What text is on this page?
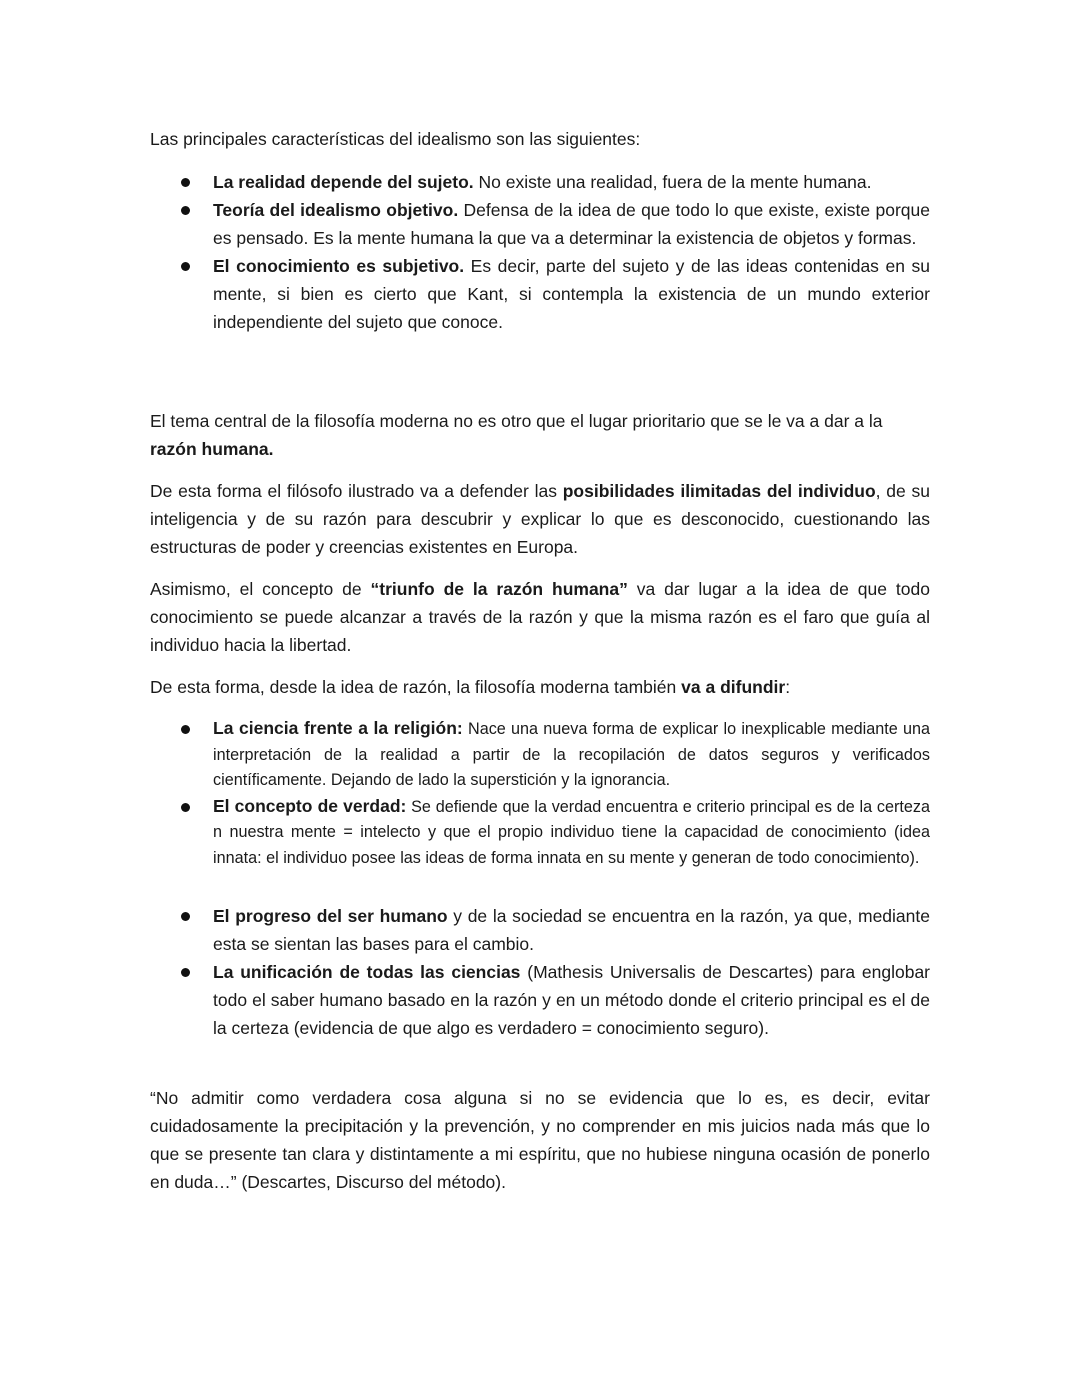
Las principales características del idealismo son las siguientes:

La realidad depende del sujeto. No existe una realidad, fuera de la mente humana.
Teoría del idealismo objetivo. Defensa de la idea de que todo lo que existe, existe porque es pensado. Es la mente humana la que va a determinar la existencia de objetos y formas.
El conocimiento es subjetivo. Es decir, parte del sujeto y de las ideas contenidas en su mente, si bien es cierto que Kant, si contempla la existencia de un mundo exterior independiente del sujeto que conoce.

El tema central de la filosofía moderna no es otro que el lugar prioritario que se le va a dar a la razón humana.

De esta forma el filósofo ilustrado va a defender las posibilidades ilimitadas del individuo, de su inteligencia y de su razón para descubrir y explicar lo que es desconocido, cuestionando las estructuras de poder y creencias existentes en Europa.

Asimismo, el concepto de “triunfo de la razón humana” va dar lugar a la idea de que todo conocimiento se puede alcanzar a través de la razón y que la misma razón es el faro que guía al individuo hacia la libertad.

De esta forma, desde la idea de razón, la filosofía moderna también va a difundir:

La ciencia frente a la religión: Nace una nueva forma de explicar lo inexplicable mediante una interpretación de la realidad a partir de la recopilación de datos seguros y verificados científicamente. Dejando de lado la superstición y la ignorancia.
El concepto de verdad: Se defiende que la verdad encuentra e criterio principal es de la certeza n nuestra mente = intelecto y que el propio individuo tiene la capacidad de conocimiento (idea innata: el individuo posee las ideas de forma innata en su mente y generan de todo conocimiento).
El progreso del ser humano y de la sociedad se encuentra en la razón, ya que, mediante esta se sientan las bases para el cambio.
La unificación de todas las ciencias (Mathesis Universalis de Descartes) para englobar todo el saber humano basado en la razón y en un método donde el criterio principal es el de la certeza (evidencia de que algo es verdadero = conocimiento seguro).

“No admitir como verdadera cosa alguna si no se evidencia que lo es, es decir, evitar cuidadosamente la precipitación y la prevención, y no comprender en mis juicios nada más que lo que se presente tan clara y distintamente a mi espíritu, que no hubiese ninguna ocasión de ponerlo en duda…” (Descartes, Discurso del método).
